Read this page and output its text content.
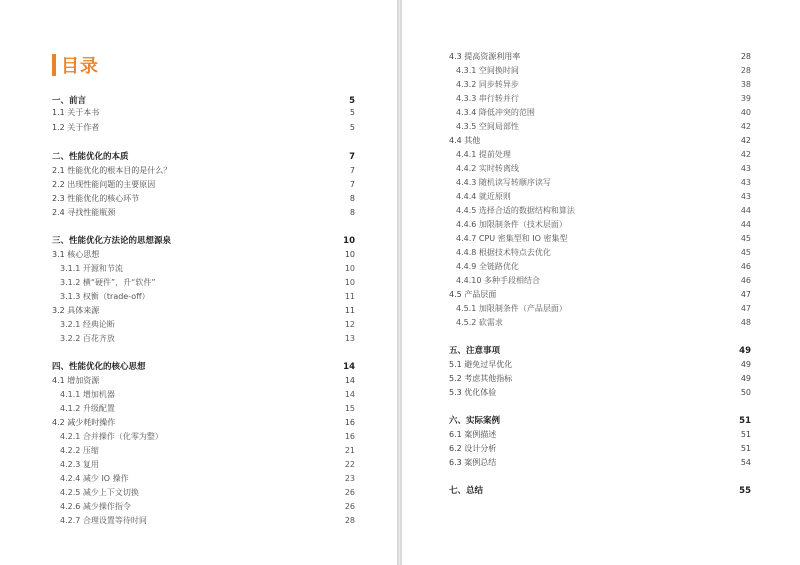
目录
一、前言	5
1.1 关于本书	5
1.2 关于作者	5
二、性能优化的本质	7
2.1 性能优化的根本目的是什么？	7
2.2 出现性能问题的主要原因	7
2.3 性能优化的核心环节	8
2.4 寻找性能瓶颈	8
三、性能优化方法论的思想源泉	10
3.1 核心思想	10
3.1.1 开源和节流	10
3.1.2 横“硬件”，升“软件”	10
3.1.3 权衡（trade-off）	11
3.2 具体来源	11
3.2.1 经典论断	12
3.2.2 百花齐放	13
四、性能优化的核心思想	14
4.1 增加资源	14
4.1.1 增加机器	14
4.1.2 升级配置	15
4.2 减少耗时操作	16
4.2.1 合并操作（化零为整）	16
4.2.2 压缩	21
4.2.3 复用	22
4.2.4 减少 IO 操作	23
4.2.5 减少上下文切换	26
4.2.6 减少操作指令	26
4.2.7 合理设置等待时间	28
4.3 提高资源利用率	28
4.3.1 空间换时间	28
4.3.2 同步转异步	38
4.3.3 串行转并行	39
4.3.4 降低冲突的范围	40
4.3.5 空间局部性	42
4.4 其他	42
4.4.1 提前处理	42
4.4.2 实时转离线	43
4.4.3 随机读写转顺序读写	43
4.4.4 就近原则	43
4.4.5 选择合适的数据结构和算法	44
4.4.6 加限制条件（技术层面）	44
4.4.7 CPU 密集型和 IO 密集型	45
4.4.8 根据技术特点去优化	45
4.4.9 全链路优化	46
4.4.10 多种手段相结合	46
4.5 产品层面	47
4.5.1 加限制条件（产品层面）	47
4.5.2 砍需求	48
五、注意事项	49
5.1 避免过早优化	49
5.2 考虑其他指标	49
5.3 优化体验	50
六、实际案例	51
6.1 案例描述	51
6.2 设计分析	51
6.3 案例总结	54
七、总结	55
